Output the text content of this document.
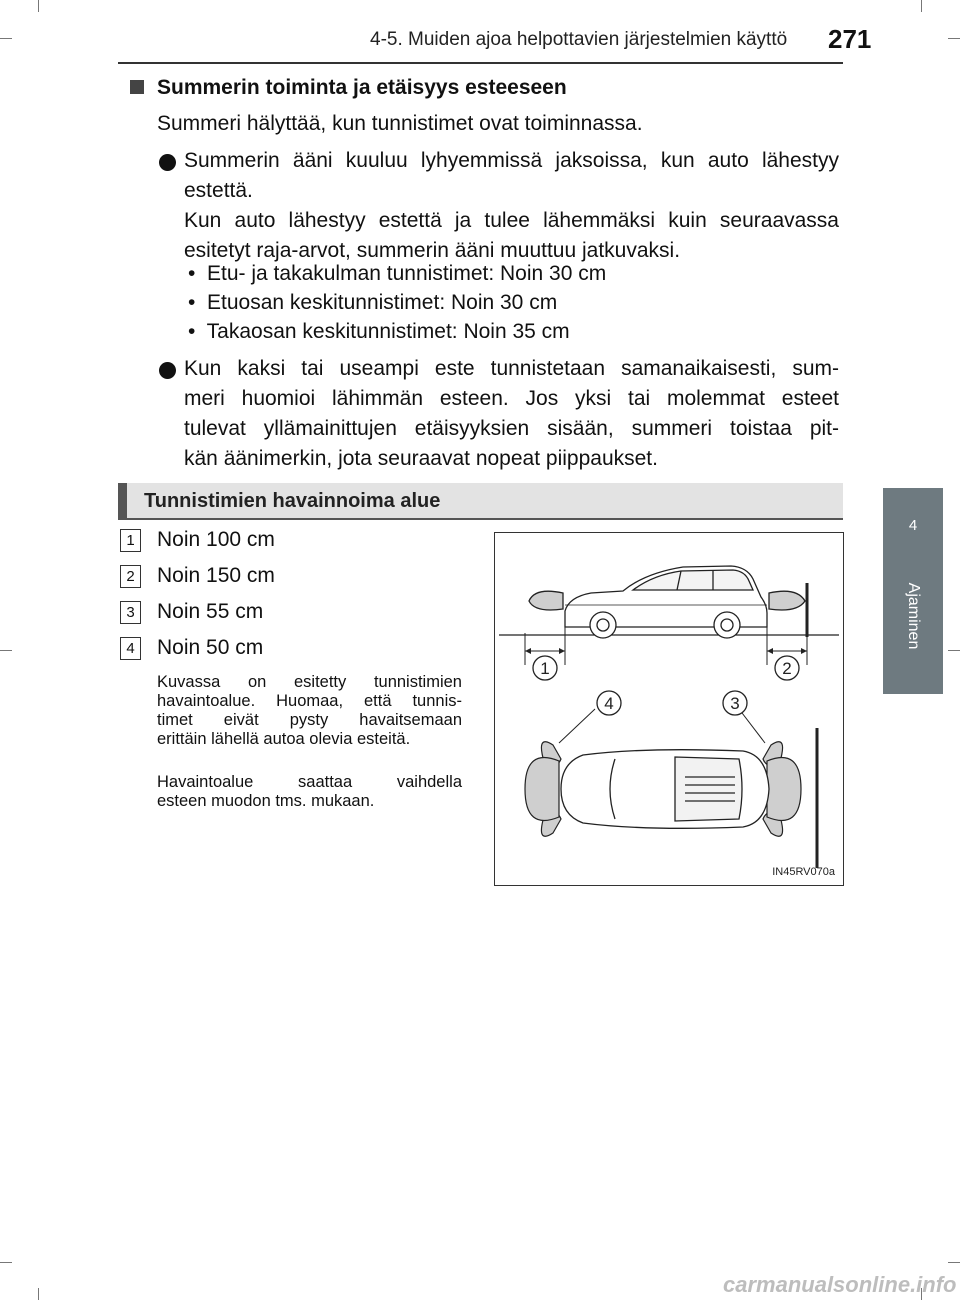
4-5. Muiden ajoa helpottavien järjestelmien käyttö 271
4
Ajaminen
Summerin toiminta ja etäisyys esteeseen
Summeri hälyttää, kun tunnistimet ovat toiminnassa.
Summerin ääni kuuluu lyhyemmissä jaksoissa, kun auto lähestyy
estettä.
Kun auto lähestyy estettä ja tulee lähemmäksi kuin seuraavassa
esitetyt raja-arvot, summerin ääni muuttuu jatkuvaksi.
•  Etu- ja takakulman tunnistimet: Noin 30 cm
•  Etuosan keskitunnistimet: Noin 30 cm
•  Takaosan keskitunnistimet: Noin 35 cm
Kun kaksi tai useampi este tunnistetaan samanaikaisesti, sum-
meri huomioi lähimmän esteen. Jos yksi tai molemmat esteet
tulevat yllämainittujen etäisyyksien sisään, summeri toistaa pit-
kän äänimerkin, jota seuraavat nopeat piippaukset.
Tunnistimien havainnoima alue
1	Noin 100 cm
2	Noin 150 cm
3	Noin 55 cm
4	Noin 50 cm
Kuvassa on esitetty tunnistimien
havaintoalue. Huomaa, että tunnis-
timet eivät pysty havaitsemaan
erittäin lähellä autoa olevia esteitä.
Havaintoalue saattaa vaihdella
esteen muodon tms. mukaan.
1	2
4	3
IN45RV070a
carmanualsonline.info
